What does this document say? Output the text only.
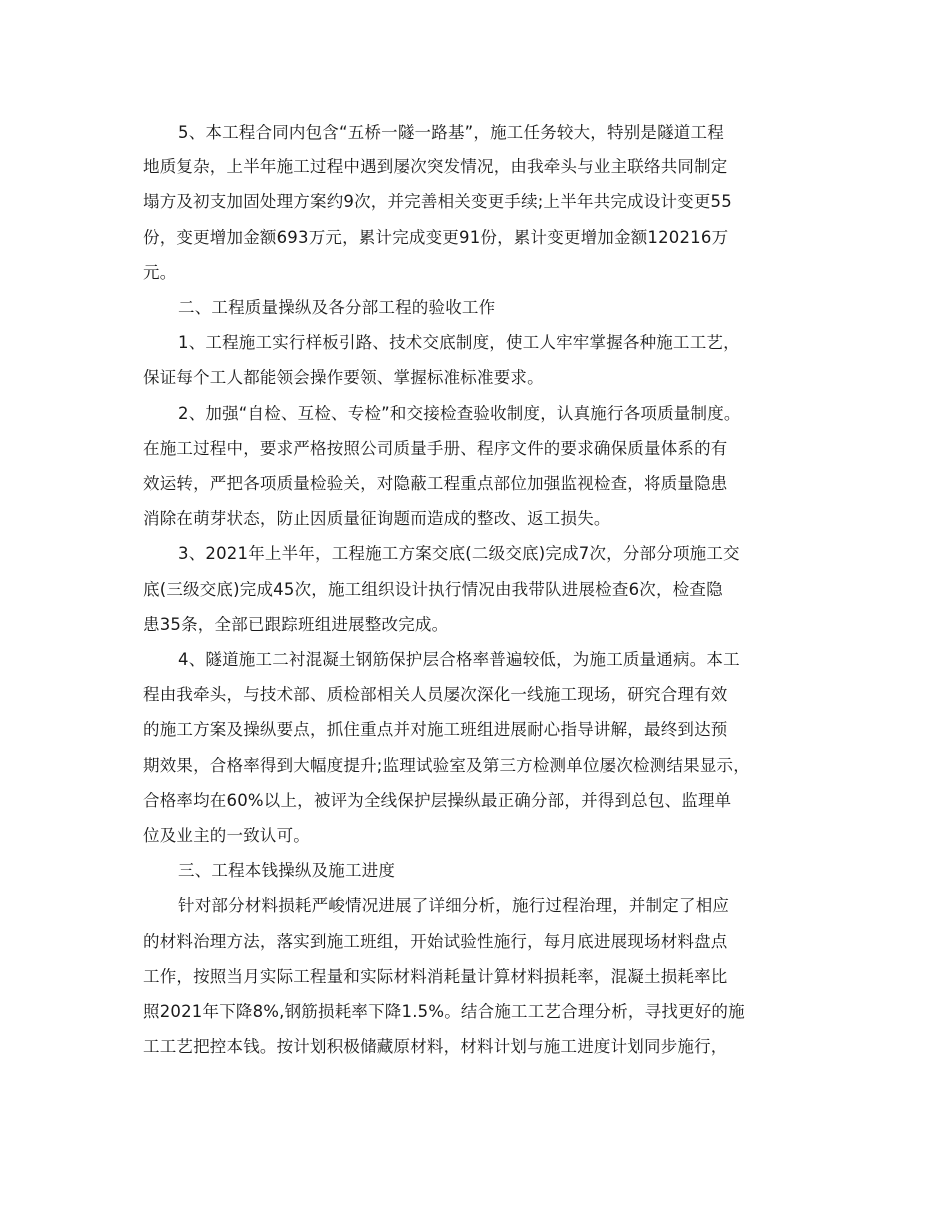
5、本工程合同内包含“五桥一隧一路基”，施工任务较大，特别是隧道工程
地质复杂，上半年施工过程中遇到屡次突发情况，由我牵头与业主联络共同制定
塌方及初支加固处理方案约9次，并完善相关变更手续;上半年共完成设计变更55
份，变更增加金额693万元，累计完成变更91份，累计变更增加金额120216万
元。
二、工程质量操纵及各分部工程的验收工作
1、工程施工实行样板引路、技术交底制度，使工人牢牢掌握各种施工工艺，
保证每个工人都能领会操作要领、掌握标准标准要求。
2、加强“自检、互检、专检”和交接检查验收制度，认真施行各项质量制度。
在施工过程中，要求严格按照公司质量手册、程序文件的要求确保质量体系的有
效运转，严把各项质量检验关，对隐蔽工程重点部位加强监视检查，将质量隐患
消除在萌芽状态，防止因质量征询题而造成的整改、返工损失。
3、2021年上半年，工程施工方案交底(二级交底)完成7次，分部分项施工交
底(三级交底)完成45次，施工组织设计执行情况由我带队进展检查6次，检查隐
患35条，全部已跟踪班组进展整改完成。
4、隧道施工二衬混凝土钢筋保护层合格率普遍较低，为施工质量通病。本工
程由我牵头，与技术部、质检部相关人员屡次深化一线施工现场，研究合理有效
的施工方案及操纵要点，抓住重点并对施工班组进展耐心指导讲解，最终到达预
期效果，合格率得到大幅度提升;监理试验室及第三方检测单位屡次检测结果显示，
合格率均在60%以上，被评为全线保护层操纵最正确分部，并得到总包、监理单
位及业主的一致认可。
三、工程本钱操纵及施工进度
针对部分材料损耗严峻情况进展了详细分析，施行过程治理，并制定了相应
的材料治理方法，落实到施工班组，开始试验性施行，每月底进展现场材料盘点
工作，按照当月实际工程量和实际材料消耗量计算材料损耗率，混凝土损耗率比
照2021年下降8%,钢筋损耗率下降1.5%。结合施工工艺合理分析，寻找更好的施
工工艺把控本钱。按计划积极储藏原材料，材料计划与施工进度计划同步施行，
